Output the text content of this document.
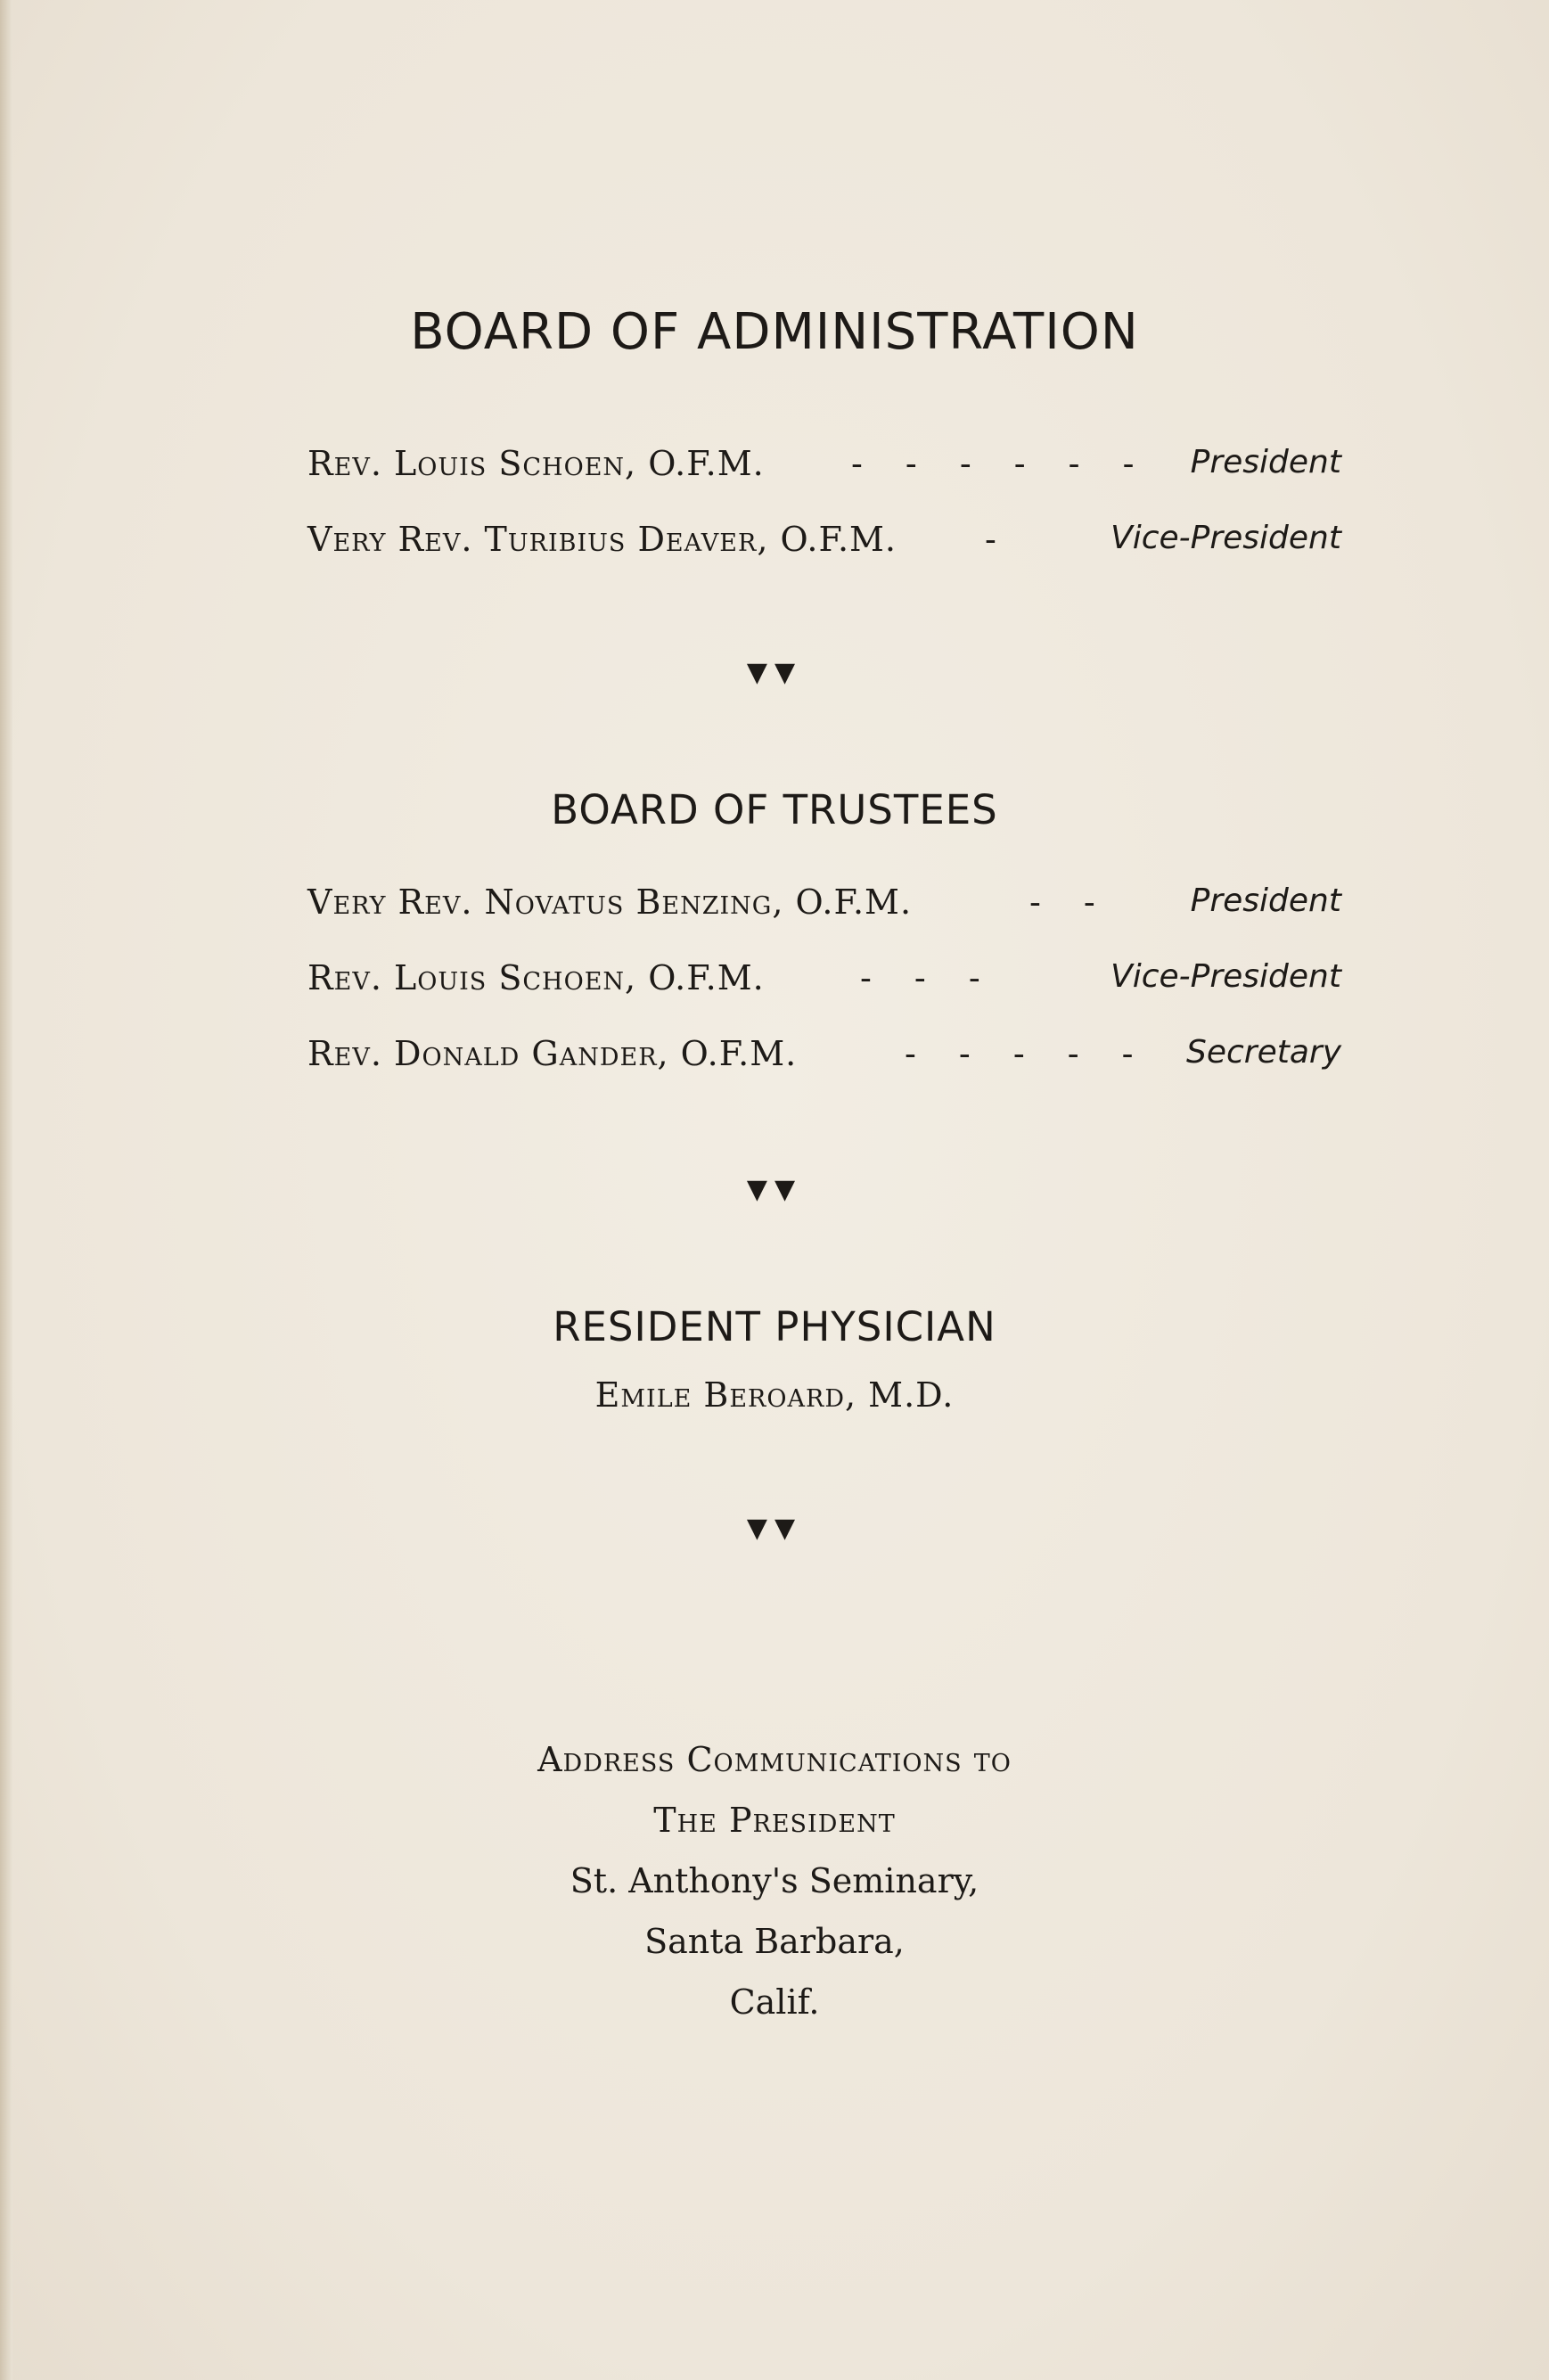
BOARD OF ADMINISTRATION
Rev. Louis Schoen, O.F.M.	- - - - - - President
Very Rev. Turibius Deaver, O.F.M.	-	Vice-President
▼▼
BOARD OF TRUSTEES
Very Rev. Novatus Benzing, O.F.M.	- - President
Rev. Louis Schoen, O.F.M.	- - -	Vice-President
Rev. Donald Gander, O.F.M.	- - - - - Secretary
▼▼
RESIDENT PHYSICIAN
Emile Beroard, M.D.
▼▼
Address Communications to
The President
St. Anthony's Seminary,
Santa Barbara,
Calif.
